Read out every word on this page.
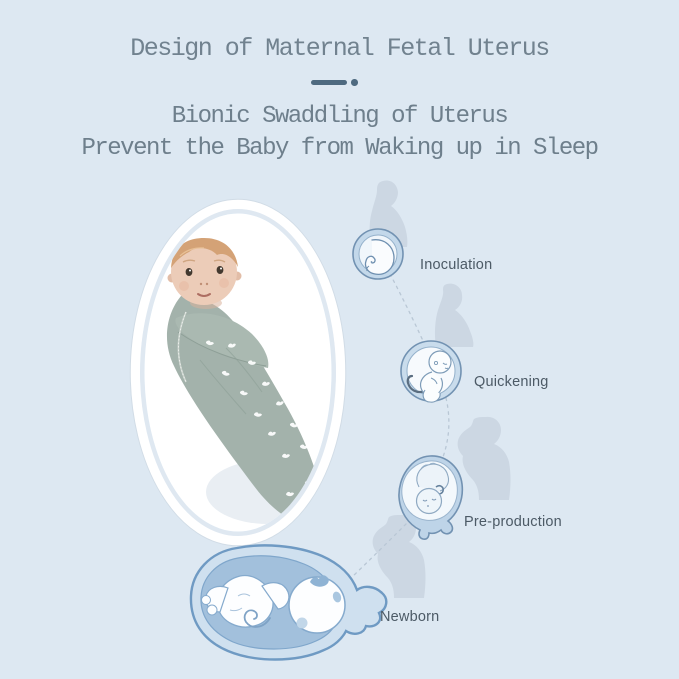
Design of Maternal Fetal Uterus
Bionic Swaddling of Uterus
Prevent the Baby from Waking up in Sleep
Inoculation
Quickening
Pre-production
Newborn
